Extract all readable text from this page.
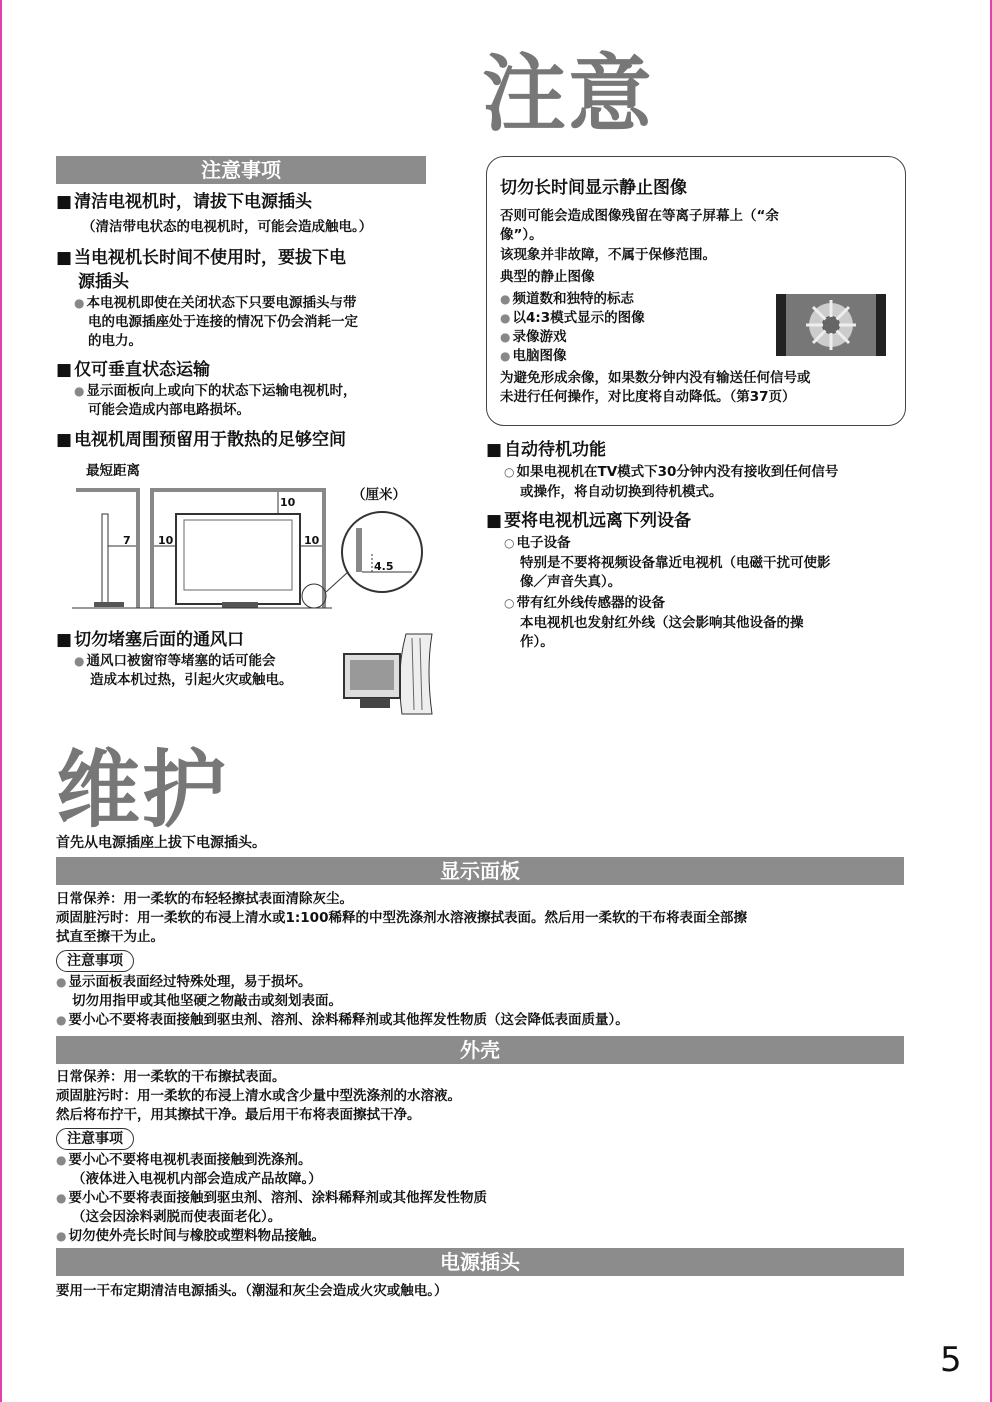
注意
注意事项
■ 清洁电视机时，请拔下电源插头
（清洁带电状态的电视机时，可能会造成触电。）
■ 当电视机长时间不使用时，要拔下电
源插头
● 本电视机即使在关闭状态下只要电源插头与带
电的电源插座处于连接的情况下仍会消耗一定
的电力。
■ 仅可垂直状态运输
● 显示面板向上或向下的状态下运输电视机时，
可能会造成内部电路损坏。
■ 电视机周围预留用于散热的足够空间
最短距离
（厘米）
10
7 10	10
4.5
■ 切勿堵塞后面的通风口
● 通风口被窗帘等堵塞的话可能会
造成本机过热，引起火灾或触电。
切勿长时间显示静止图像
否则可能会造成图像残留在等离子屏幕上（“余
像”）。
该现象并非故障，不属于保修范围。
典型的静止图像
● 频道数和独特的标志
● 以4:3模式显示的图像
● 录像游戏
● 电脑图像
为避免形成余像，如果数分钟内没有输送任何信号或
未进行任何操作，对比度将自动降低。（第37页）
■ 自动待机功能
○ 如果电视机在TV模式下30分钟内没有接收到任何信号
或操作，将自动切换到待机模式。
■ 要将电视机远离下列设备
○ 电子设备
特别是不要将视频设备靠近电视机（电磁干扰可使影
像／声音失真）。
○ 带有红外线传感器的设备
本电视机也发射红外线（这会影响其他设备的操
作）。
维护
首先从电源插座上拔下电源插头。
显示面板
日常保养：用一柔软的布轻轻擦拭表面清除灰尘。
顽固脏污时：用一柔软的布浸上清水或1:100稀释的中型洗涤剂水溶液擦拭表面。然后用一柔软的干布将表面全部擦
拭直至擦干为止。
注意事项
● 显示面板表面经过特殊处理，易于损坏。
切勿用指甲或其他坚硬之物敲击或刻划表面。
● 要小心不要将表面接触到驱虫剂、溶剂、涂料稀释剂或其他挥发性物质（这会降低表面质量）。
外壳
日常保养：用一柔软的干布擦拭表面。
顽固脏污时：用一柔软的布浸上清水或含少量中型洗涤剂的水溶液。
然后将布拧干，用其擦拭干净。最后用干布将表面擦拭干净。
注意事项
● 要小心不要将电视机表面接触到洗涤剂。
（液体进入电视机内部会造成产品故障。）
● 要小心不要将表面接触到驱虫剂、溶剂、涂料稀释剂或其他挥发性物质
（这会因涂料剥脱而使表面老化）。
● 切勿使外壳长时间与橡胶或塑料物品接触。
电源插头
要用一干布定期清洁电源插头。（潮湿和灰尘会造成火灾或触电。）
5
